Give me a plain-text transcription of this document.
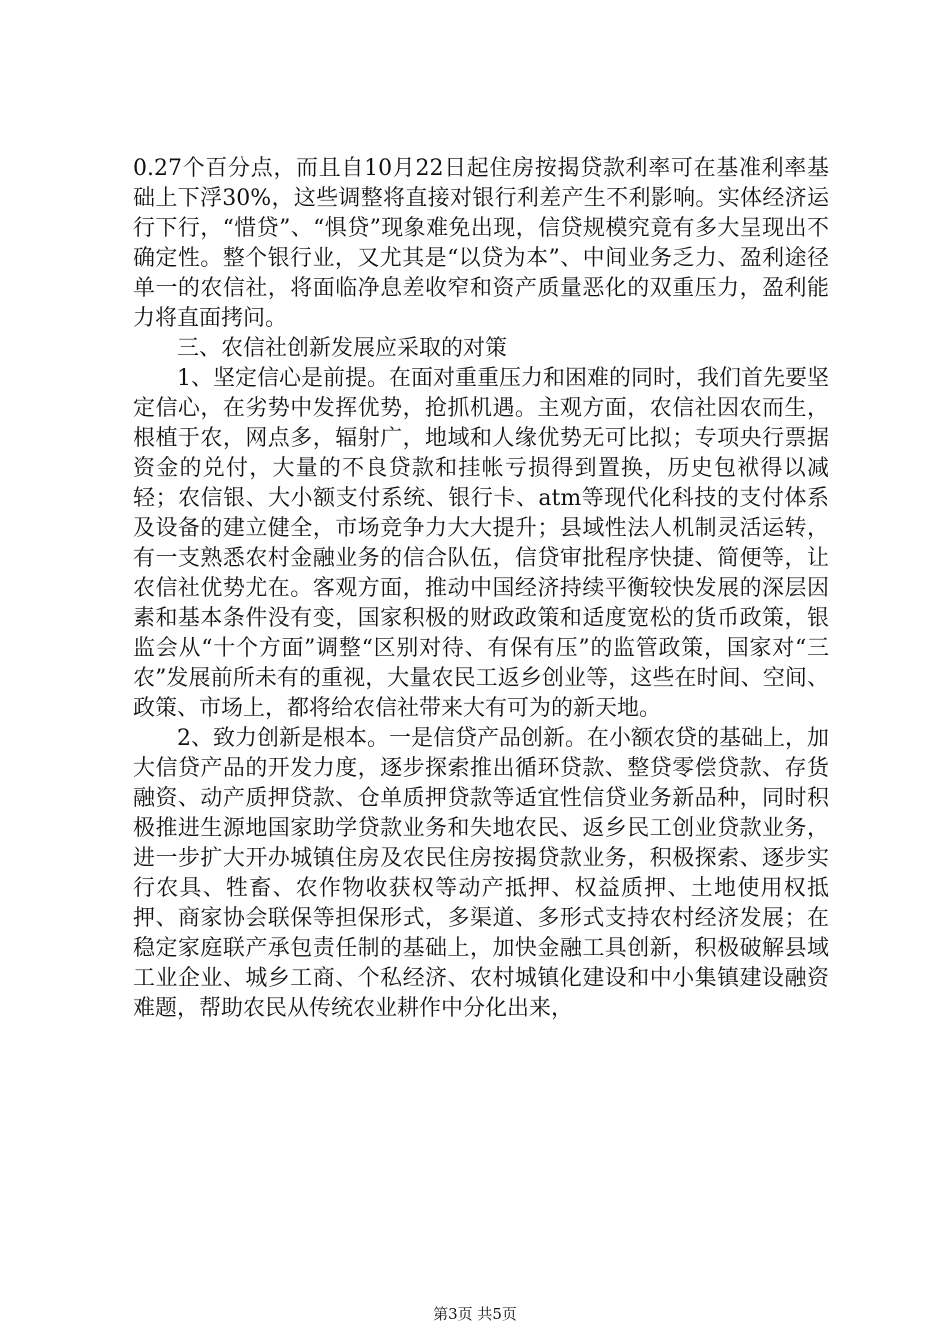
0.27个百分点，而且自10月22日起住房按揭贷款利率可在基准利率基础上下浮30%，这些调整将直接对银行利差产生不利影响。实体经济运行下行，“惜贷”、“惧贷”现象难免出现，信贷规模究竟有多大呈现出不确定性。整个银行业，又尤其是“以贷为本”、中间业务乏力、盈利途径单一的农信社，将面临净息差收窄和资产质量恶化的双重压力，盈利能力将直面拷问。

三、农信社创新发展应采取的对策

1、坚定信心是前提。在面对重重压力和困难的同时，我们首先要坚定信心，在劣势中发挥优势，抢抓机遇。主观方面，农信社因农而生，根植于农，网点多，辐射广，地域和人缘优势无可比拟；专项央行票据资金的兑付，大量的不良贷款和挂帐亏损得到置换，历史包袱得以减轻；农信银、大小额支付系统、银行卡、atm等现代化科技的支付体系及设备的建立健全，市场竞争力大大提升；县域性法人机制灵活运转，有一支熟悉农村金融业务的信合队伍，信贷审批程序快捷、简便等，让农信社优势尤在。客观方面，推动中国经济持续平衡较快发展的深层因素和基本条件没有变，国家积极的财政政策和适度宽松的货币政策，银监会从“十个方面”调整“区别对待、有保有压”的监管政策，国家对“三农”发展前所未有的重视，大量农民工返乡创业等，这些在时间、空间、政策、市场上，都将给农信社带来大有可为的新天地。

2、致力创新是根本。一是信贷产品创新。在小额农贷的基础上，加大信贷产品的开发力度，逐步探索推出循环贷款、整贷零偿贷款、存货融资、动产质押贷款、仓单质押贷款等适宜性信贷业务新品种，同时积极推进生源地国家助学贷款业务和失地农民、返乡民工创业贷款业务，进一步扩大开办城镇住房及农民住房按揭贷款业务，积极探索、逐步实行农具、牲畜、农作物收获权等动产抵押、权益质押、土地使用权抵押、商家协会联保等担保形式，多渠道、多形式支持农村经济发展；在稳定家庭联产承包责任制的基础上，加快金融工具创新，积极破解县域工业企业、城乡工商、个私经济、农村城镇化建设和中小集镇建设融资难题，帮助农民从传统农业耕作中分化出来，

第3页 共5页
